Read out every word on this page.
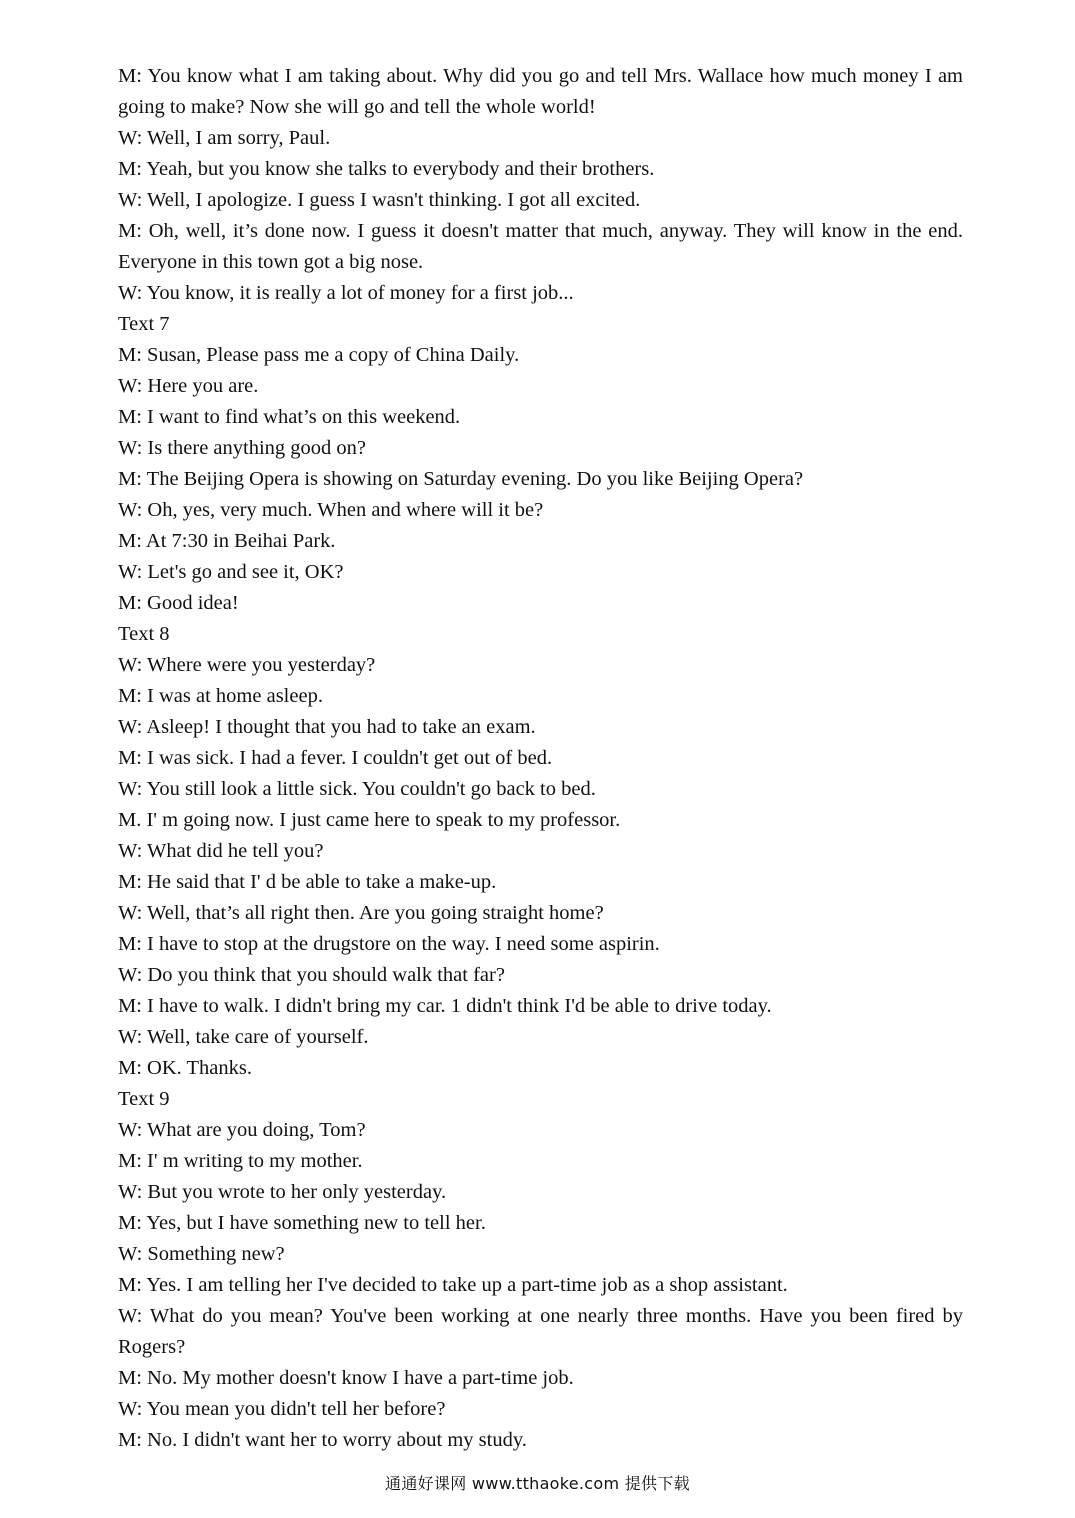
M: You know what I am taking about. Why did you go and tell Mrs. Wallace how much money I am going to make? Now she will go and tell the whole world!

W: Well, I am sorry, Paul.

M: Yeah, but you know she talks to everybody and their brothers.

W: Well, I apologize. I guess I wasn't thinking. I got all excited.

M: Oh, well, it’s done now. I guess it doesn't matter that much, anyway. They will know in the end. Everyone in this town got a big nose.

W: You know, it is really a lot of money for a first job...

Text 7

M: Susan, Please pass me a copy of China Daily.

W: Here you are.

M: I want to find what’s on this weekend.

W: Is there anything good on?

M: The Beijing Opera is showing on Saturday evening. Do you like Beijing Opera?

W: Oh, yes, very much. When and where will it be?

M: At 7:30 in Beihai Park.

W: Let's go and see it, OK?

M: Good idea!

Text 8

W: Where were you yesterday?

M: I was at home asleep.

W: Asleep! I thought that you had to take an exam.

M: I was sick. I had a fever. I couldn't get out of bed.

W: You still look a little sick. You couldn't go back to bed.

M. I' m going now. I just came here to speak to my professor.

W: What did he tell you?

M: He said that I' d be able to take a make-up.

W: Well, that’s all right then. Are you going straight home?

M: I have to stop at the drugstore on the way. I need some aspirin.

W: Do you think that you should walk that far?

M: I have to walk. I didn't bring my car. 1 didn't think I'd be able to drive today.

W: Well, take care of yourself.

M: OK. Thanks.

Text 9

W: What are you doing, Tom?

M: I' m writing to my mother.

W: But you wrote to her only yesterday.

M: Yes, but I have something new to tell her.

W: Something new?

M: Yes. I am telling her I've decided to take up a part-time job as a shop assistant.

W: What do you mean? You've been working at one nearly three months. Have you been fired by Rogers?

M: No. My mother doesn't know I have a part-time job.

W: You mean you didn't tell her before?

M: No. I didn't want her to worry about my study.

通通好课网 www.tthaoke.com 提供下载
